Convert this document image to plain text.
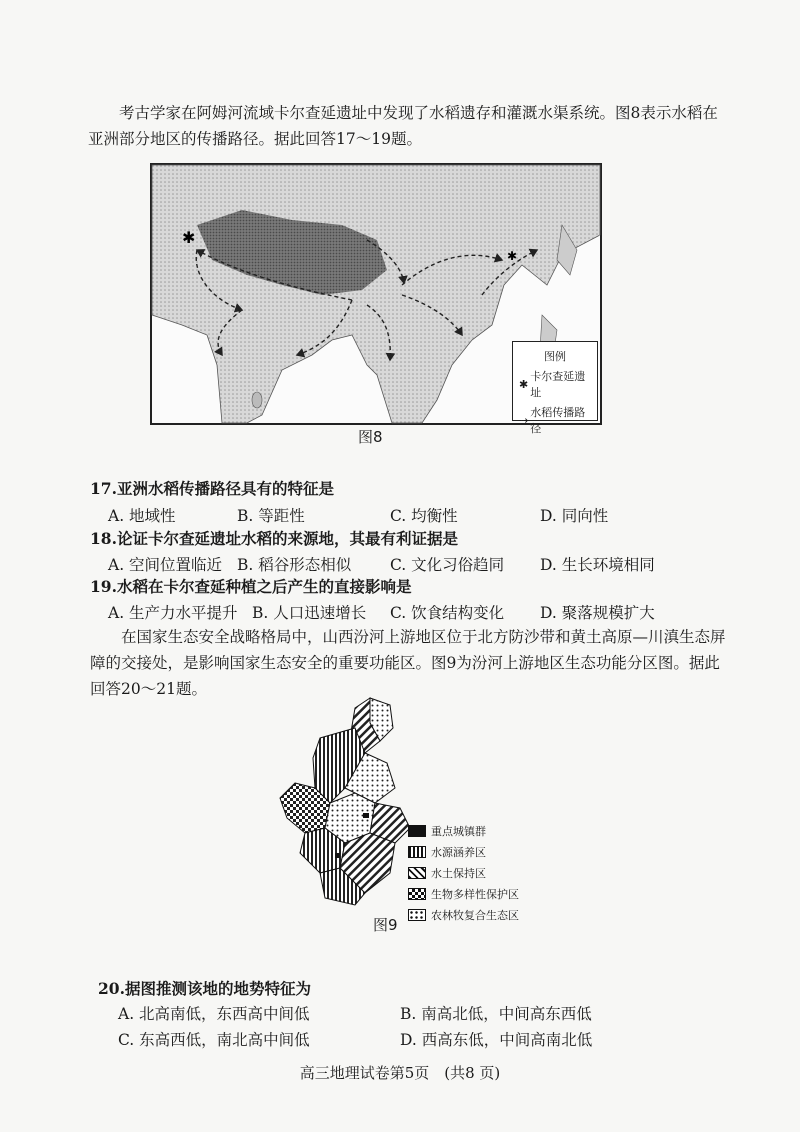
考古学家在阿姆河流域卡尔查延遗址中发现了水稻遗存和灌溉水渠系统。图8表示水稻在亚洲部分地区的传播路径。据此回答17～19题。
✱
✱
图例
✱
卡尔查延遗址
⇢
水稻传播路径
图8
17.亚洲水稻传播路径具有的特征是
A. 地域性	B. 等距性	C. 均衡性	D. 同向性
18.论证卡尔查延遗址水稻的来源地，其最有利证据是
A. 空间位置临近 B. 稻谷形态相似	C. 文化习俗趋同 D. 生长环境相同
19.水稻在卡尔查延种植之后产生的直接影响是
A. 生产力水平提升 B. 人口迅速增长 C. 饮食结构变化 D. 聚落规模扩大
在国家生态安全战略格局中，山西汾河上游地区位于北方防沙带和黄土高原—川滇生态屏障的交接处，是影响国家生态安全的重要功能区。图9为汾河上游地区生态功能分区图。据此回答20～21题。
重点城镇群
水源涵养区
水土保持区
生物多样性保护区
农林牧复合生态区
图9
20.据图推测该地的地势特征为
A. 北高南低，东西高中间低	B. 南高北低，中间高东西低
C. 东高西低，南北高中间低	D. 西高东低，中间高南北低
高三地理试卷第5页　(共8 页)
